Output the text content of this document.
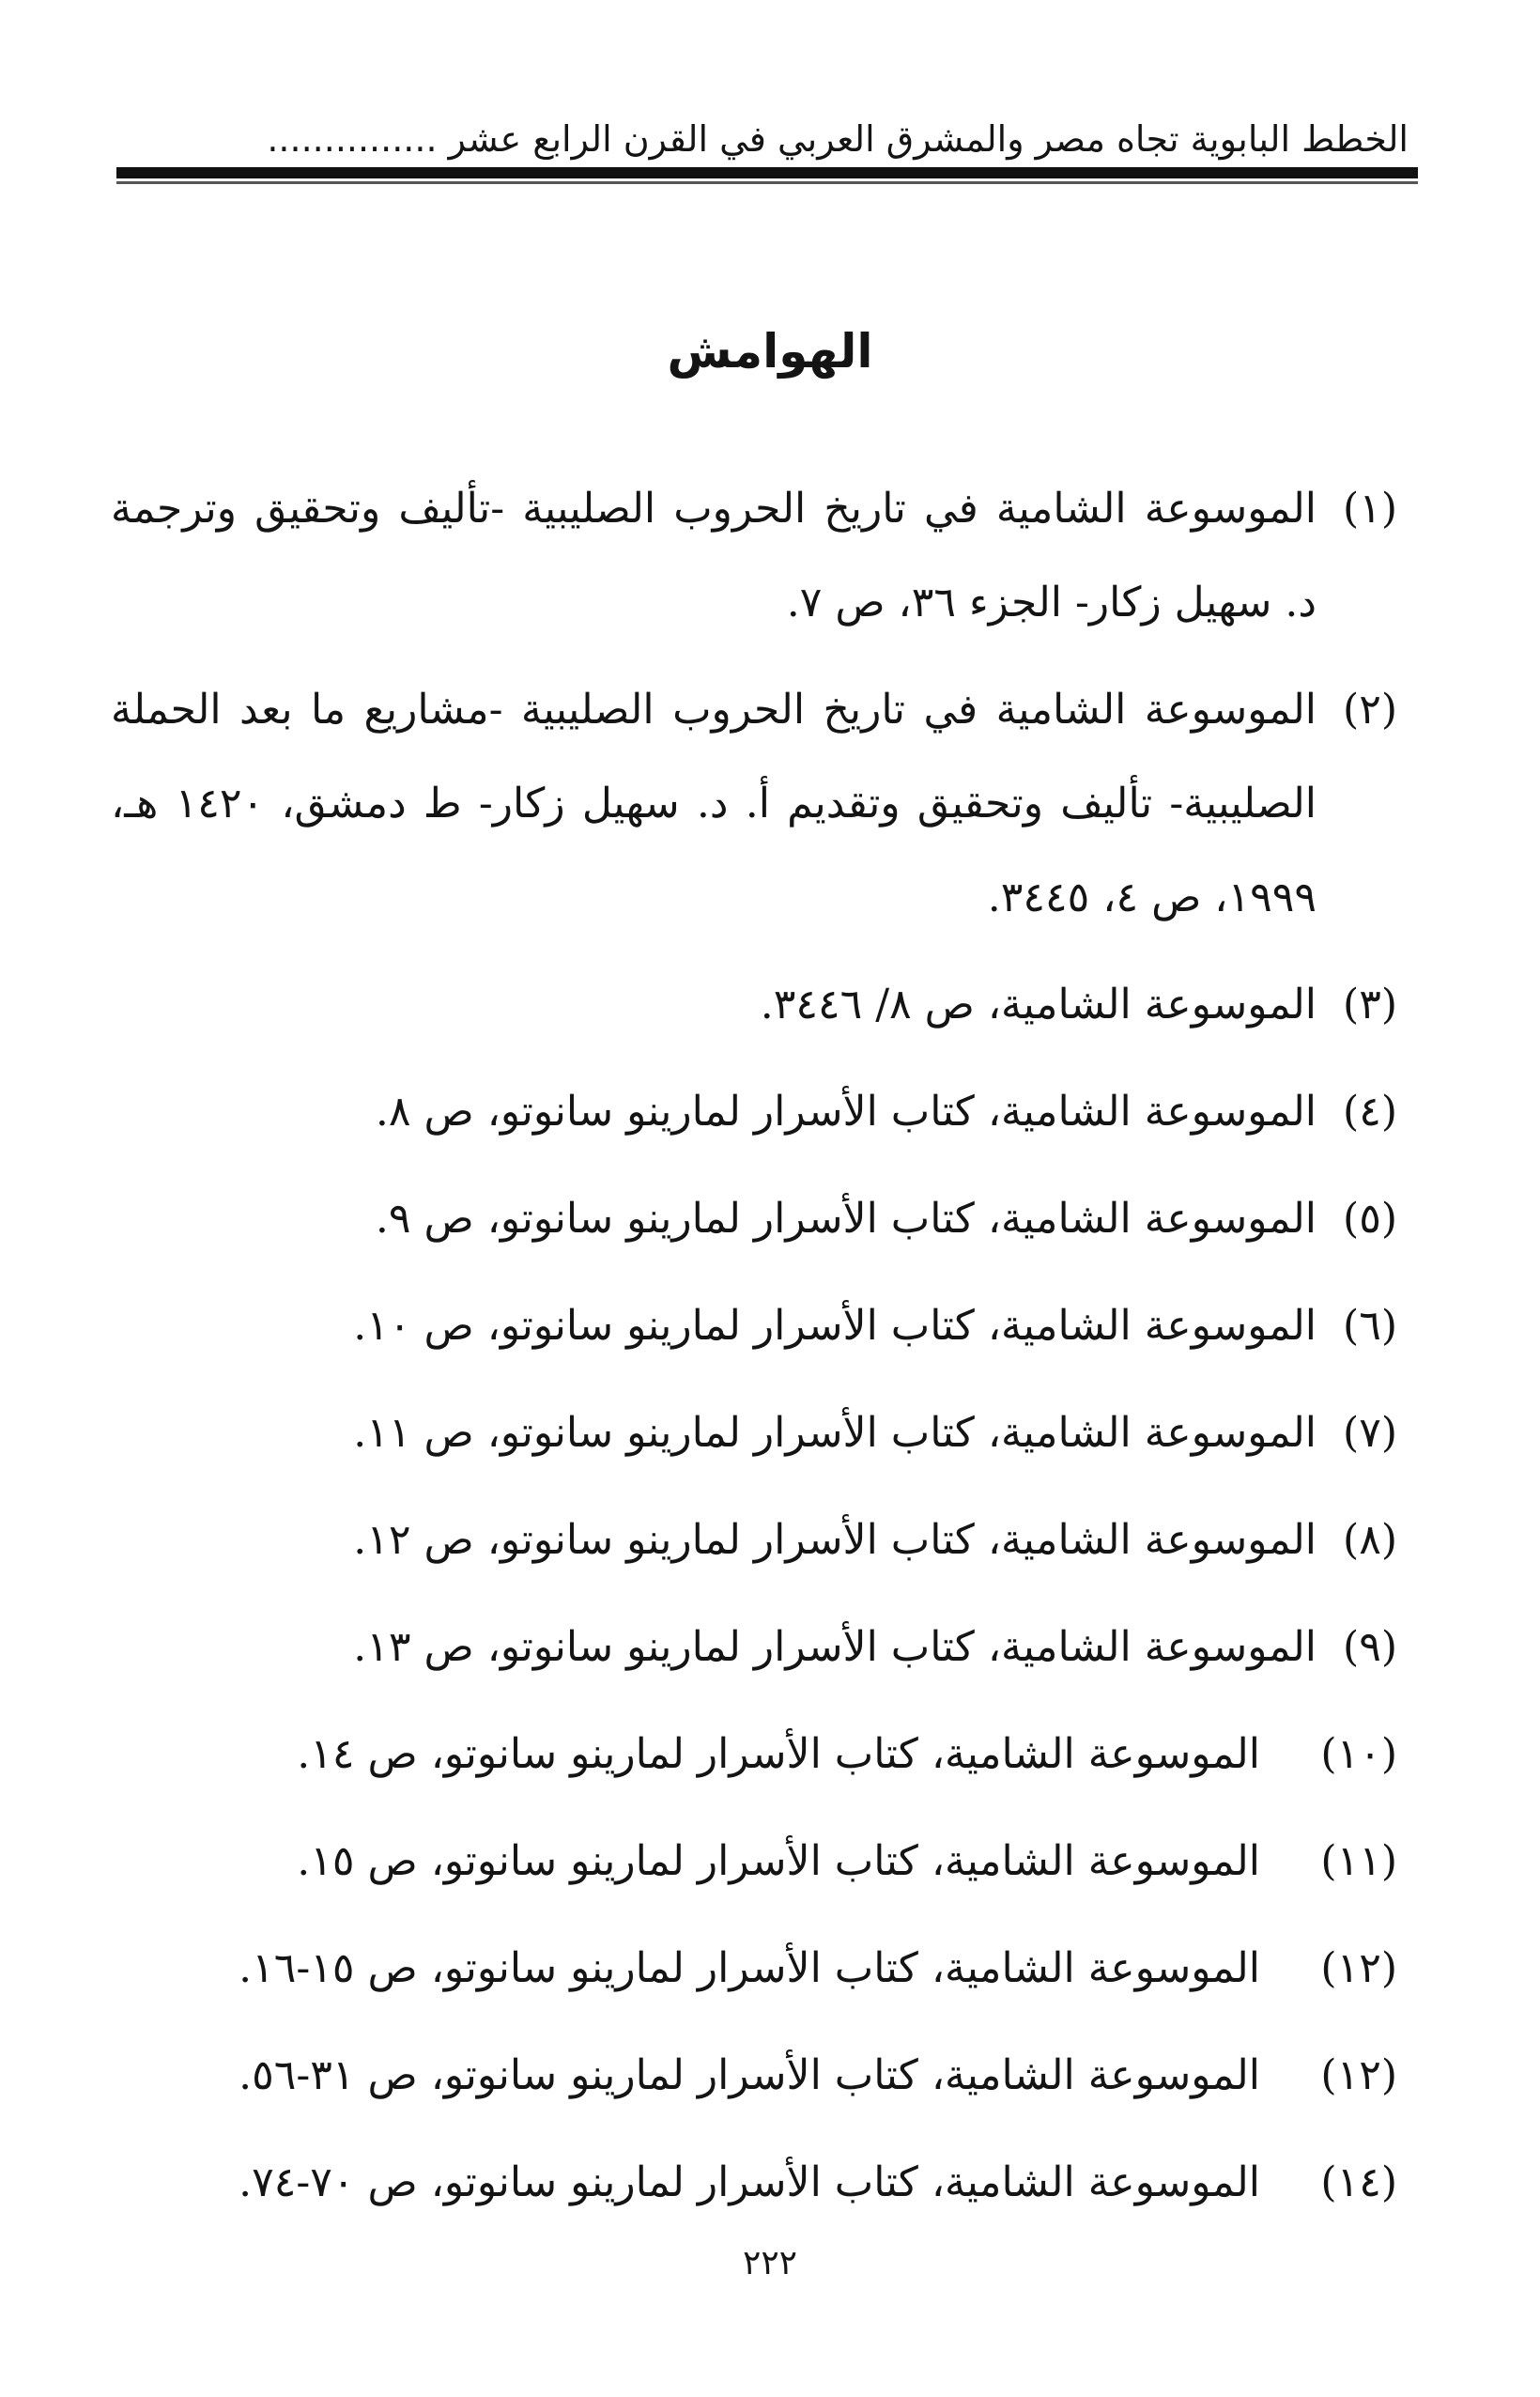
الخطط البابوية تجاه مصر والمشرق العربي في القرن الرابع عشر ...............
الهوامش
(١)
الموسوعة الشامية في تاريخ الحروب الصليبية -تأليف وتحقيق وترجمة د. سهيل زكار- الجزء ٣٦، ص ٧.
(٢)
الموسوعة الشامية في تاريخ الحروب الصليبية -مشاريع ما بعد الحملة الصليبية- تأليف وتحقيق وتقديم أ. د. سهيل زكار- ط دمشق، ١٤٢٠ هـ، ١٩٩٩، ص ٤، ٣٤٤٥.
(٣)
الموسوعة الشامية، ص ٨/ ٣٤٤٦.
(٤)
الموسوعة الشامية، كتاب الأسرار لمارينو سانوتو، ص ٨.
(٥)
الموسوعة الشامية، كتاب الأسرار لمارينو سانوتو، ص ٩.
(٦)
الموسوعة الشامية، كتاب الأسرار لمارينو سانوتو، ص ١٠.
(٧)
الموسوعة الشامية، كتاب الأسرار لمارينو سانوتو، ص ١١.
(٨)
الموسوعة الشامية، كتاب الأسرار لمارينو سانوتو، ص ١٢.
(٩)
الموسوعة الشامية، كتاب الأسرار لمارينو سانوتو، ص ١٣.
(١٠)
الموسوعة الشامية، كتاب الأسرار لمارينو سانوتو، ص ١٤.
(١١)
الموسوعة الشامية، كتاب الأسرار لمارينو سانوتو، ص ١٥.
(١٢)
الموسوعة الشامية، كتاب الأسرار لمارينو سانوتو، ص ١٥-١٦.
(١٢)
الموسوعة الشامية، كتاب الأسرار لمارينو سانوتو، ص ٣١-٥٦.
(١٤)
الموسوعة الشامية، كتاب الأسرار لمارينو سانوتو، ص ٧٠-٧٤.
٢٢٢
